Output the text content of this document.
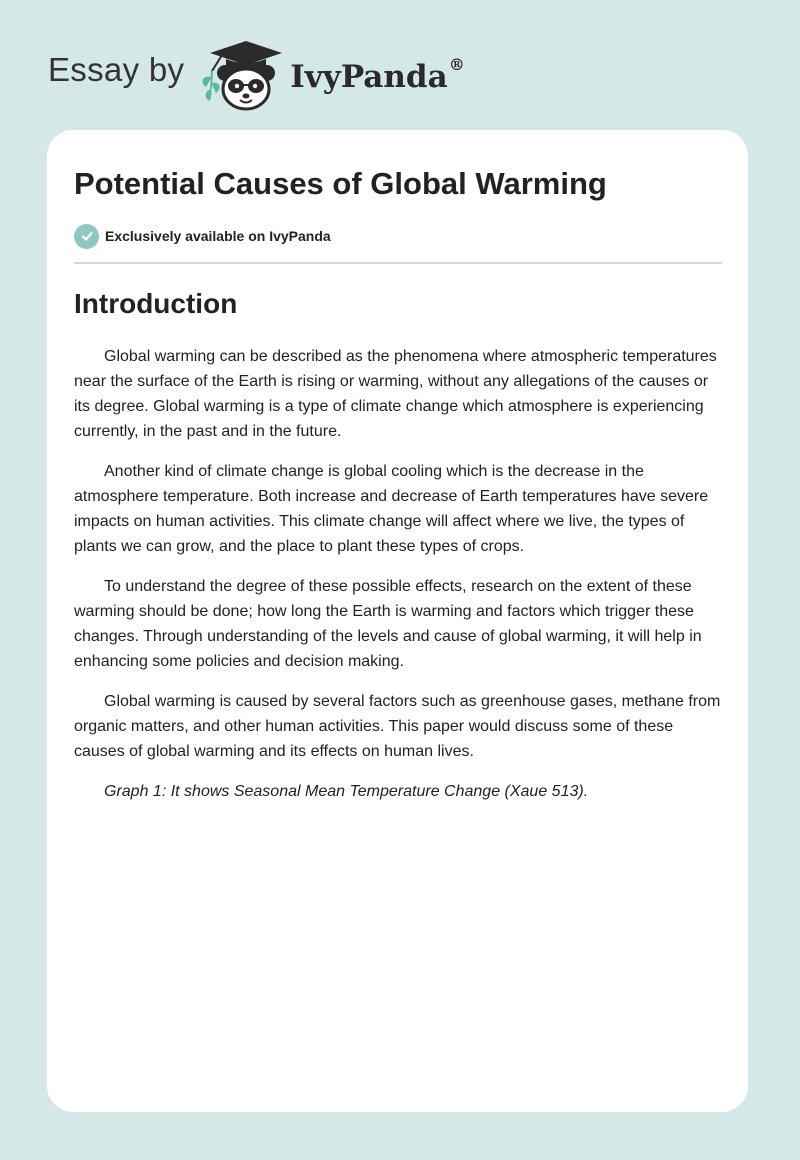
Essay by	IvyPanda®
Potential Causes of Global Warming
Exclusively available on IvyPanda
Introduction

Global warming can be described as the phenomena where atmospheric temperatures near the surface of the Earth is rising or warming, without any allegations of the causes or its degree. Global warming is a type of climate change which atmosphere is experiencing currently, in the past and in the future.

Another kind of climate change is global cooling which is the decrease in the atmosphere temperature. Both increase and decrease of Earth temperatures have severe impacts on human activities. This climate change will affect where we live, the types of plants we can grow, and the place to plant these types of crops.

To understand the degree of these possible effects, research on the extent of these warming should be done; how long the Earth is warming and factors which trigger these changes. Through understanding of the levels and cause of global warming, it will help in enhancing some policies and decision making.

Global warming is caused by several factors such as greenhouse gases, methane from organic matters, and other human activities. This paper would discuss some of these causes of global warming and its effects on human lives.

Graph 1: It shows Seasonal Mean Temperature Change (Xaue 513).
